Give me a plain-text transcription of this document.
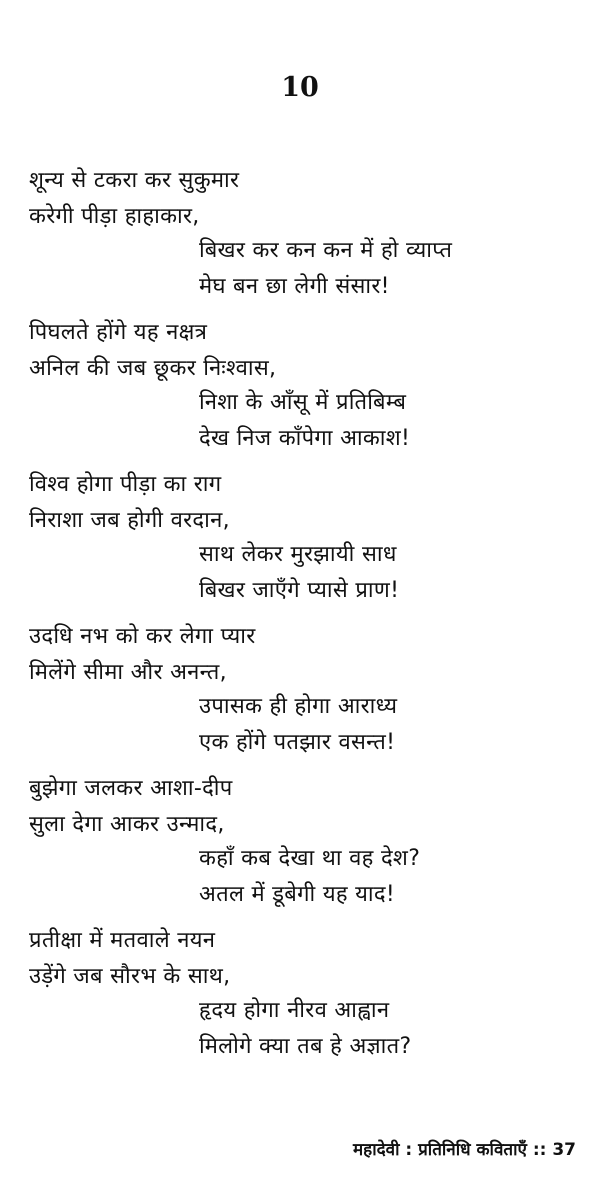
10
शून्य से टकरा कर सुकुमार
करेगी पीड़ा हाहाकार,
बिखर कर कन कन में हो व्याप्त
मेघ बन छा लेगी संसार!
पिघलते होंगे यह नक्षत्र
अनिल की जब छूकर निःश्वास,
निशा के आँसू में प्रतिबिम्ब
देख निज काँपेगा आकाश!
विश्व होगा पीड़ा का राग
निराशा जब होगी वरदान,
साथ लेकर मुरझायी साध
बिखर जाएँगे प्यासे प्राण!
उदधि नभ को कर लेगा प्यार
मिलेंगे सीमा और अनन्त,
उपासक ही होगा आराध्य
एक होंगे पतझार वसन्त!
बुझेगा जलकर आशा-दीप
सुला देगा आकर उन्माद,
कहाँ कब देखा था वह देश?
अतल में डूबेगी यह याद!
प्रतीक्षा में मतवाले नयन
उड़ेंगे जब सौरभ के साथ,
हृदय होगा नीरव आह्वान
मिलोगे क्या तब हे अज्ञात?
महादेवी : प्रतिनिधि कविताएँ :: 37
